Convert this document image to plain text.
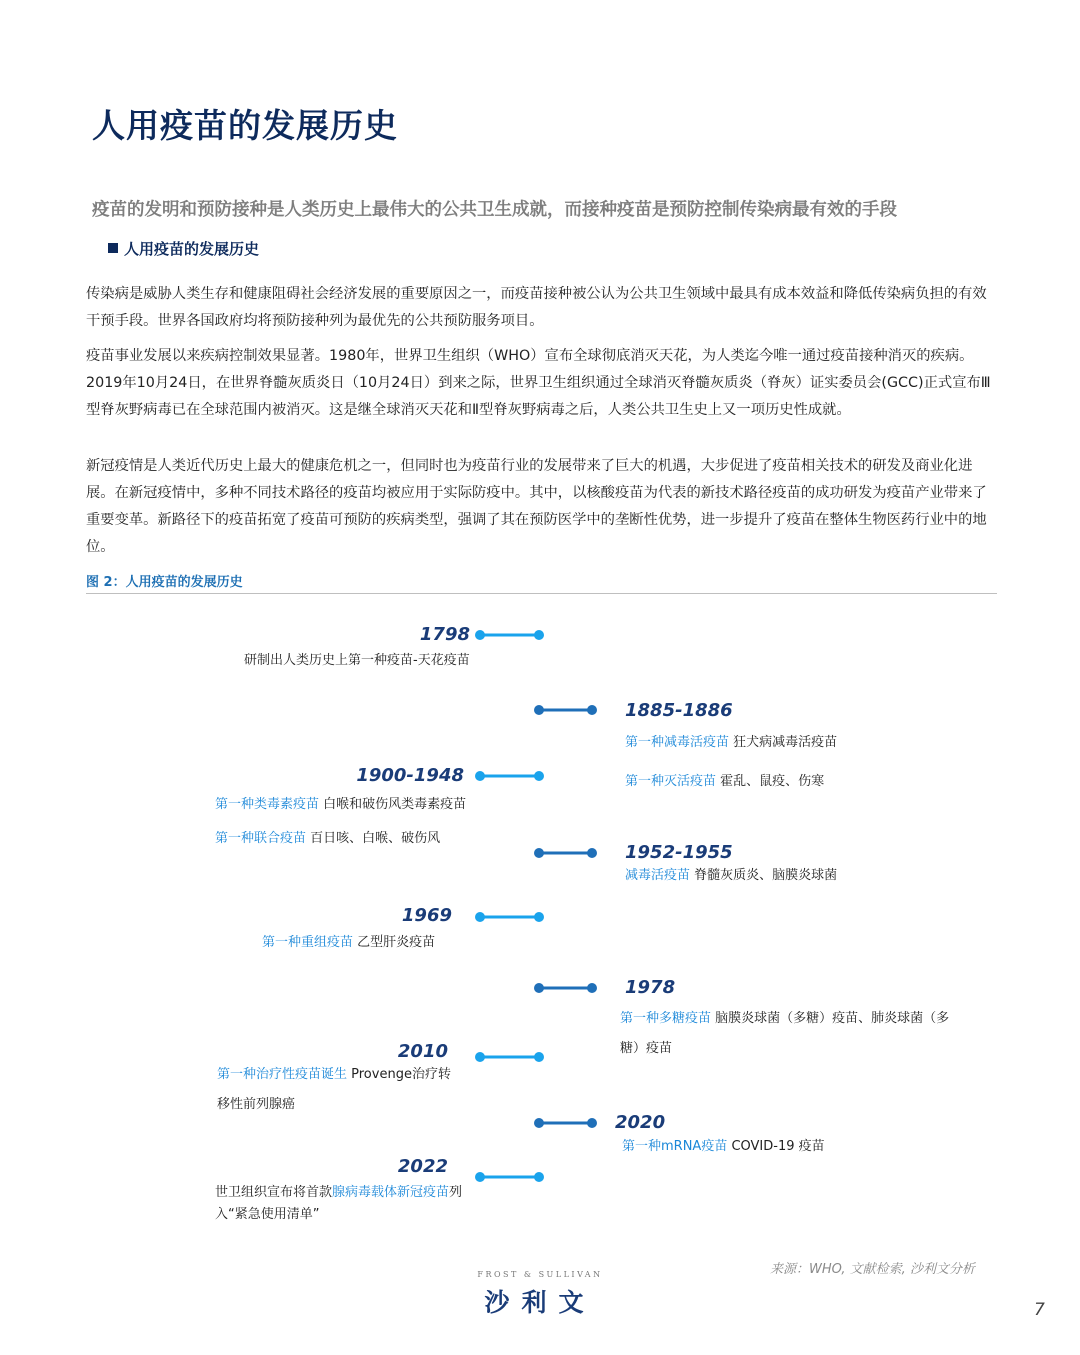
人用疫苗的发展历史
疫苗的发明和预防接种是人类历史上最伟大的公共卫生成就，而接种疫苗是预防控制传染病最有效的手段
人用疫苗的发展历史
传染病是威胁人类生存和健康阻碍社会经济发展的重要原因之一，而疫苗接种被公认为公共卫生领域中最具有成本效益和降低传染病负担的有效干预手段。世界各国政府均将预防接种列为最优先的公共预防服务项目。
疫苗事业发展以来疾病控制效果显著。1980年，世界卫生组织（WHO）宣布全球彻底消灭天花，为人类迄今唯一通过疫苗接种消灭的疾病。2019年10月24日，在世界脊髓灰质炎日（10月24日）到来之际，世界卫生组织通过全球消灭脊髓灰质炎（脊灰）证实委员会(GCC)正式宣布Ⅲ型脊灰野病毒已在全球范围内被消灭。这是继全球消灭天花和Ⅱ型脊灰野病毒之后，人类公共卫生史上又一项历史性成就。
新冠疫情是人类近代历史上最大的健康危机之一，但同时也为疫苗行业的发展带来了巨大的机遇，大步促进了疫苗相关技术的研发及商业化进展。在新冠疫情中，多种不同技术路径的疫苗均被应用于实际防疫中。其中，以核酸疫苗为代表的新技术路径疫苗的成功研发为疫苗产业带来了重要变革。新路径下的疫苗拓宽了疫苗可预防的疾病类型，强调了其在预防医学中的垄断性优势，进一步提升了疫苗在整体生物医药行业中的地位。
图 2：人用疫苗的发展历史
1798
研制出人类历史上第一种疫苗-天花疫苗
1885-1886
第一种减毒活疫苗 狂犬病减毒活疫苗
第一种灭活疫苗 霍乱、鼠疫、伤寒
1900-1948
第一种类毒素疫苗 白喉和破伤风类毒素疫苗
第一种联合疫苗 百日咳、白喉、破伤风
1952-1955
减毒活疫苗 脊髓灰质炎、脑膜炎球菌
1969
第一种重组疫苗 乙型肝炎疫苗
1978
第一种多糖疫苗 脑膜炎球菌（多糖）疫苗、肺炎球菌（多糖）疫苗
2010
第一种治疗性疫苗诞生 Provenge治疗转移性前列腺癌
2020
第一种mRNA疫苗 COVID-19 疫苗
2022
世卫组织宣布将首款腺病毒载体新冠疫苗列入“紧急使用清单”
来源：WHO, 文献检索, 沙利文分析
FROST & SULLIVAN
沙利文	7
